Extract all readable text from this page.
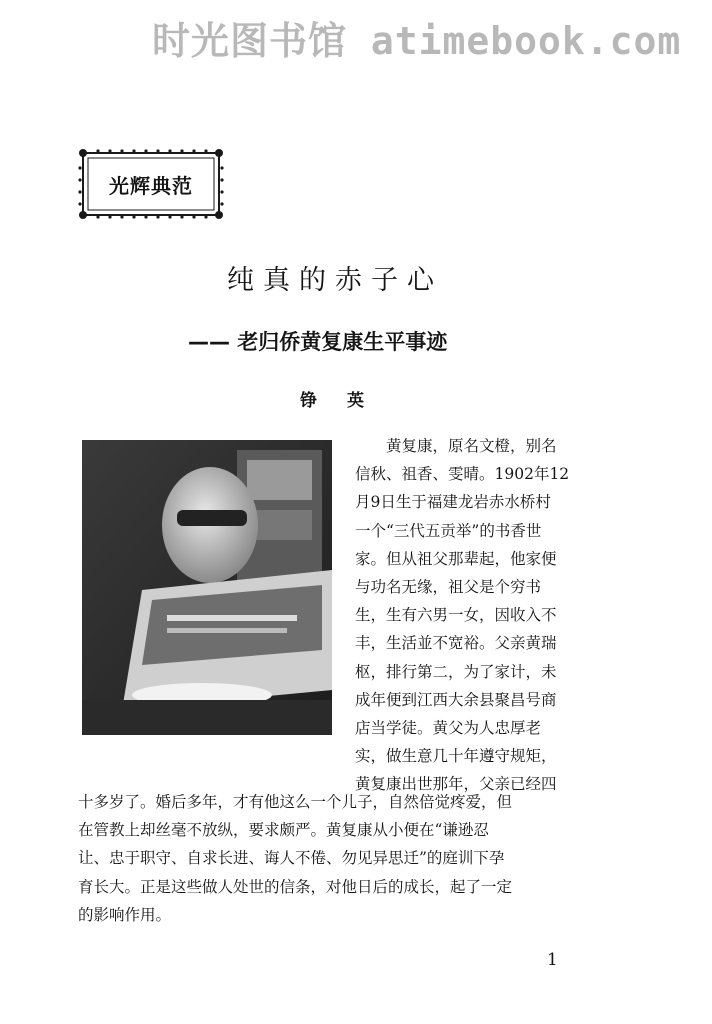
时光图书馆 atimebook.com
光辉典范
纯真的赤子心
—— 老归侨黄复康生平事迹
铮英

　　黄复康，原名文橙，别名

信秋、祖香、雯晴。1902年12

月9日生于福建龙岩赤水桥村

一个“三代五贡举”的书香世

家。但从祖父那辈起，他家便

与功名无缘，祖父是个穷书

生，生有六男一女，因收入不

丰，生活並不宽裕。父亲黄瑞

枢，排行第二，为了家计，未

成年便到江西大余县聚昌号商

店当学徒。黄父为人忠厚老

实，做生意几十年遵守规矩，

黄复康出世那年，父亲已经四

十多岁了。婚后多年，才有他这么一个儿子，自然倍觉疼爱，但

在管教上却丝毫不放纵，要求颇严。黄复康从小便在“谦逊忍

让、忠于职守、自求长进、诲人不倦、勿见异思迁”的庭训下孕

育长大。正是这些做人处世的信条，对他日后的成长，起了一定

的影响作用。

1
